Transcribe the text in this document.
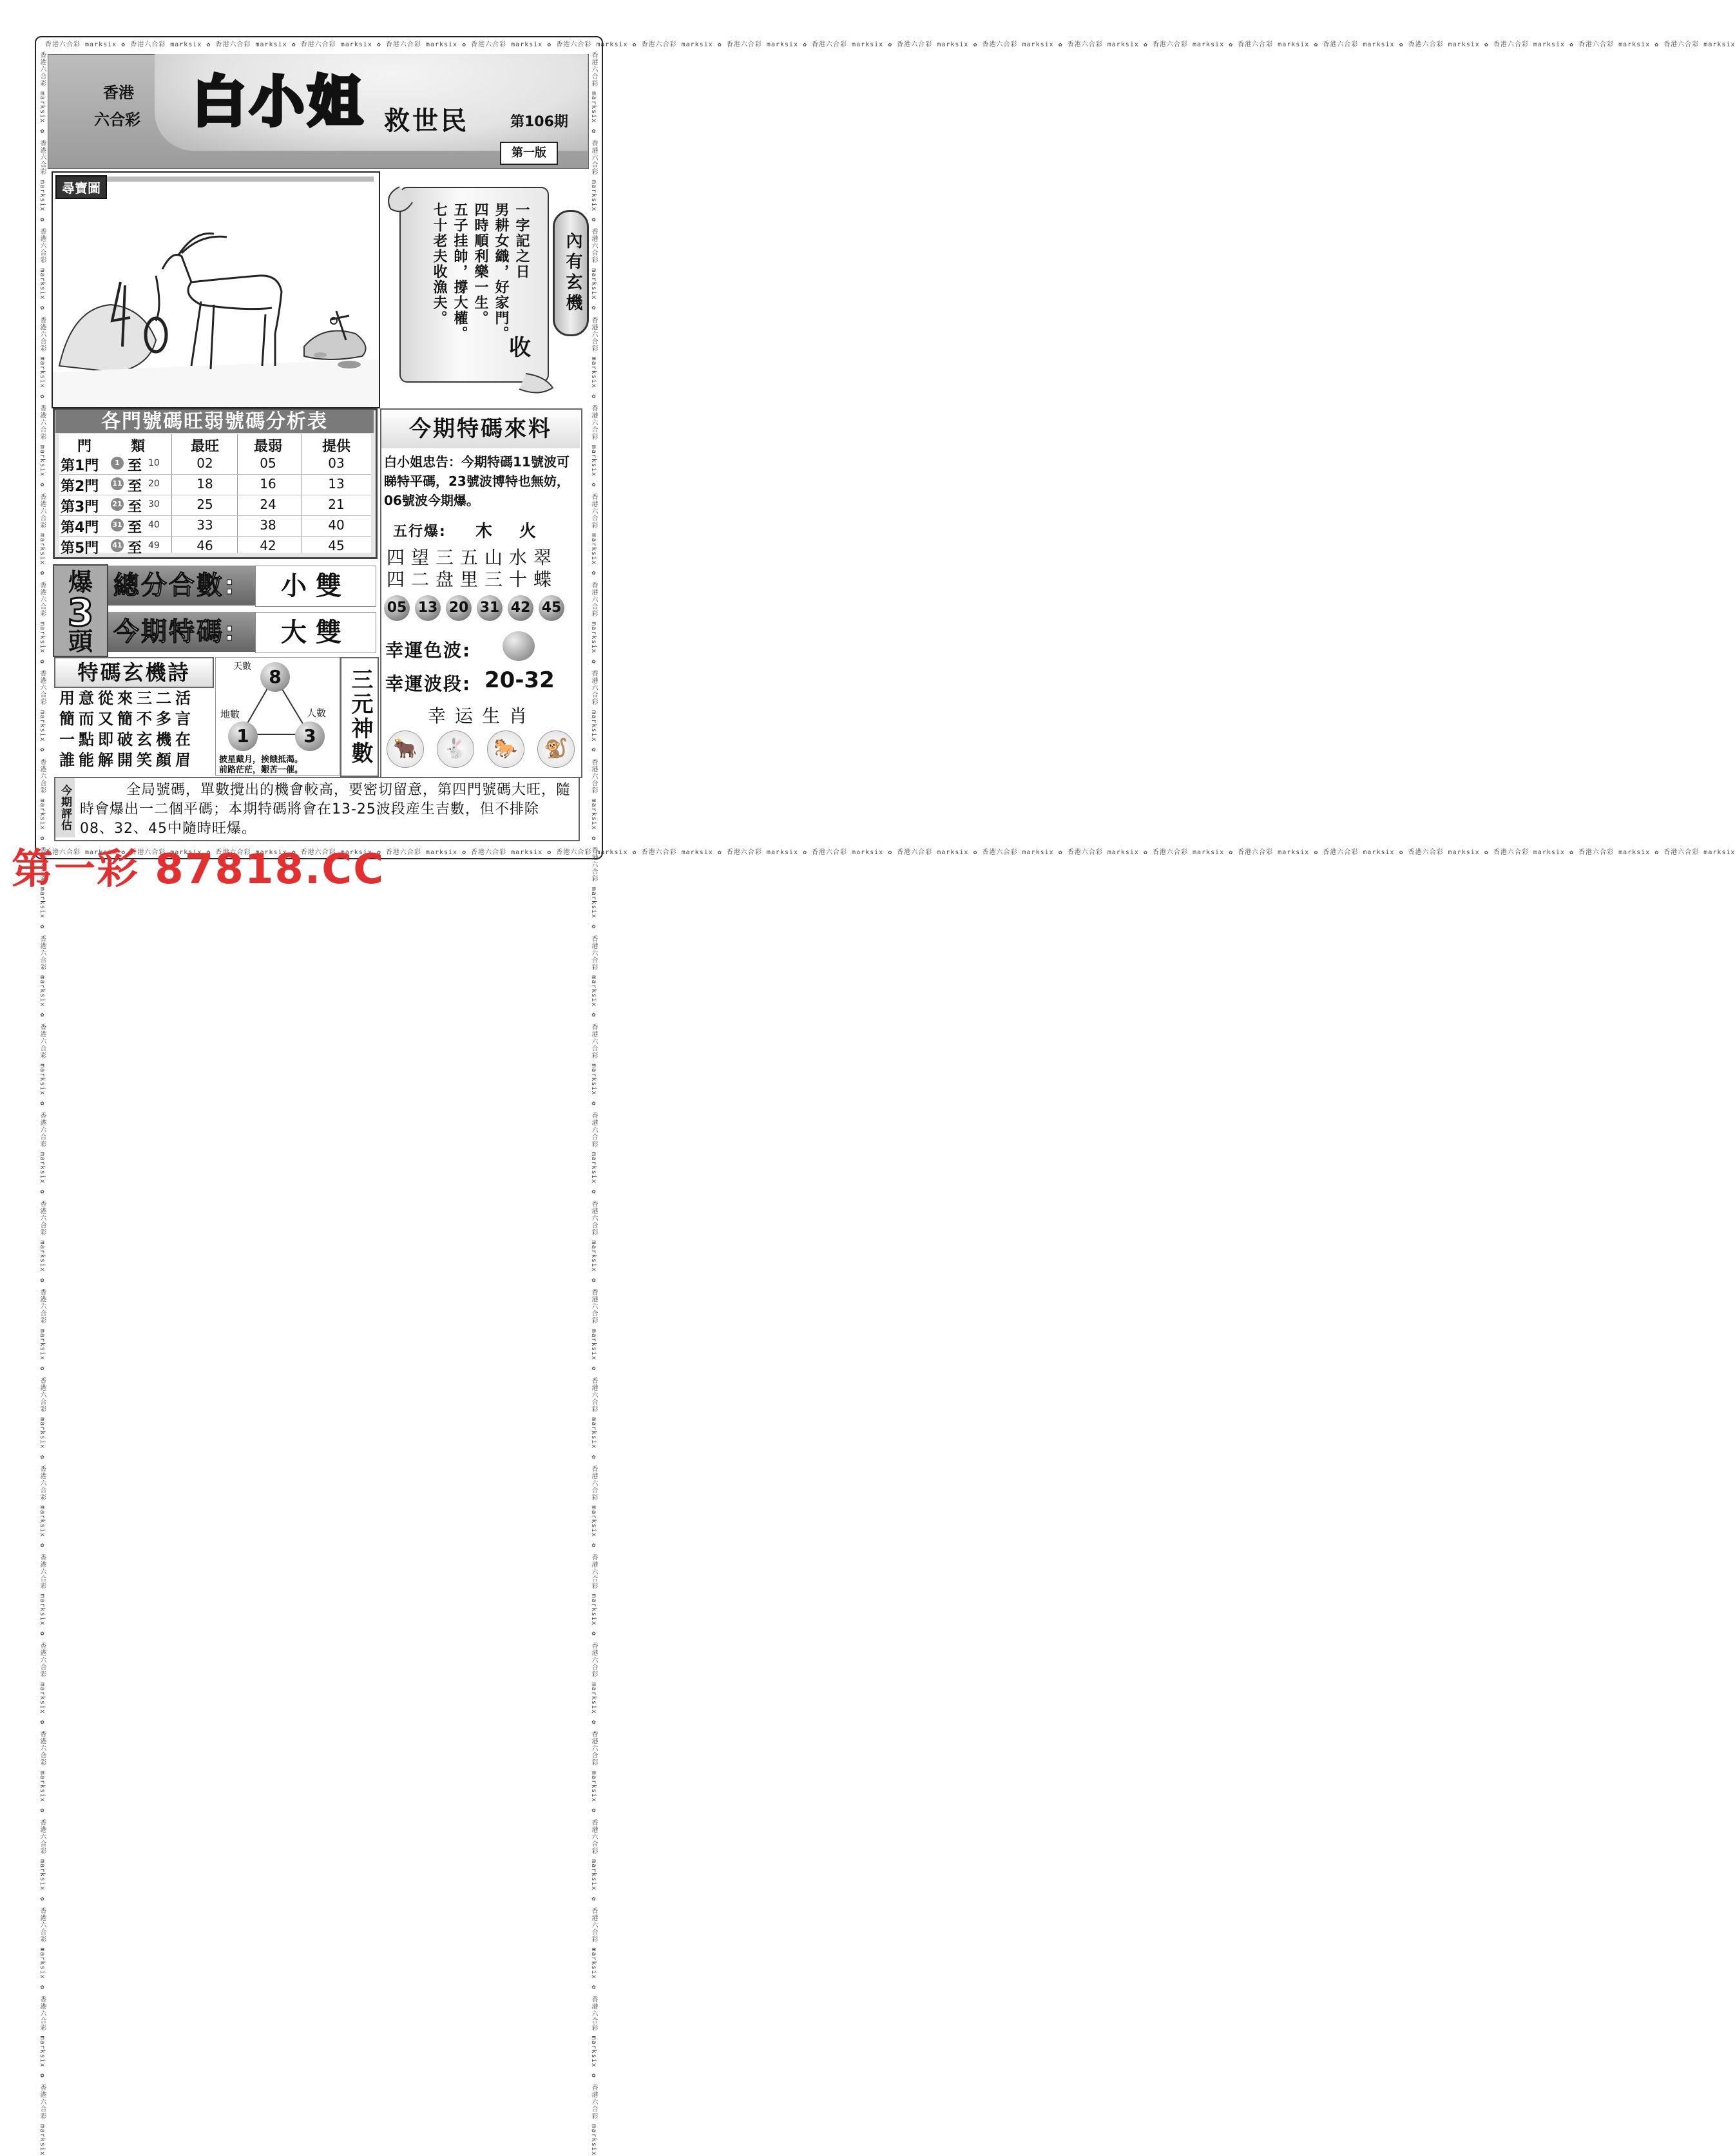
香港六合彩 marksix ✿ 香港六合彩 marksix ✿ 香港六合彩 marksix ✿ 香港六合彩 marksix ✿ 香港六合彩 marksix ✿ 香港六合彩 marksix ✿ 香港六合彩 marksix ✿ 香港六合彩 marksix ✿ 香港六合彩 marksix ✿ 香港六合彩 marksix ✿ 香港六合彩 marksix ✿ 香港六合彩 marksix ✿ 香港六合彩 marksix ✿ 香港六合彩 marksix ✿ 香港六合彩 marksix ✿ 香港六合彩 marksix ✿ 香港六合彩 marksix ✿ 香港六合彩 marksix ✿ 香港六合彩 marksix ✿ 香港六合彩 marksix
香港六合彩 marksix ✿ 香港六合彩 marksix ✿ 香港六合彩 marksix ✿ 香港六合彩 marksix ✿ 香港六合彩 marksix ✿ 香港六合彩 marksix ✿ 香港六合彩 marksix ✿ 香港六合彩 marksix ✿ 香港六合彩 marksix ✿ 香港六合彩 marksix ✿ 香港六合彩 marksix ✿ 香港六合彩 marksix ✿ 香港六合彩 marksix ✿ 香港六合彩 marksix ✿ 香港六合彩 marksix ✿ 香港六合彩 marksix ✿ 香港六合彩 marksix ✿ 香港六合彩 marksix ✿ 香港六合彩 marksix ✿ 香港六合彩 marksix
香港六合彩 marksix ✿ 香港六合彩 marksix ✿ 香港六合彩 marksix ✿ 香港六合彩 marksix ✿ 香港六合彩 marksix ✿ 香港六合彩 marksix ✿ 香港六合彩 marksix ✿ 香港六合彩 marksix ✿ 香港六合彩 marksix ✿ 香港六合彩 marksix ✿ 香港六合彩 marksix ✿ 香港六合彩 marksix ✿ 香港六合彩 marksix ✿ 香港六合彩 marksix ✿ 香港六合彩 marksix ✿ 香港六合彩 marksix ✿ 香港六合彩 marksix ✿ 香港六合彩 marksix ✿ 香港六合彩 marksix ✿ 香港六合彩 marksix ✿ 香港六合彩 marksix ✿ 香港六合彩 marksix ✿ 香港六合彩 marksix ✿ 香港六合彩 marksix	香港六合彩 marksix ✿ 香港六合彩 marksix ✿ 香港六合彩 marksix ✿ 香港六合彩 marksix ✿ 香港六合彩 marksix ✿ 香港六合彩 marksix ✿ 香港六合彩 marksix ✿ 香港六合彩 marksix ✿ 香港六合彩 marksix ✿ 香港六合彩 marksix ✿ 香港六合彩 marksix ✿ 香港六合彩 marksix ✿ 香港六合彩 marksix ✿ 香港六合彩 marksix ✿ 香港六合彩 marksix ✿ 香港六合彩 marksix ✿ 香港六合彩 marksix ✿ 香港六合彩 marksix ✿ 香港六合彩 marksix ✿ 香港六合彩 marksix ✿ 香港六合彩 marksix ✿ 香港六合彩 marksix ✿ 香港六合彩 marksix ✿ 香港六合彩 marksix
香港
六合彩 白小姐 救世民	第106期
第一版
尋寶圖
一字記之日
男耕女織，好家門。
四時順利樂一生。
五子挂帥，撐大權。
七十老夫收漁夫。
收
內有玄機
各門號碼旺弱號碼分析表
門	類	最旺	最弱	提供
第1門	1 至 10	02	05	03
第2門 11 至 20	18	16	13
第3門 21 至 30	25	24	21
第4門 31 至 40	33	38	40
第5門 41 至 49	46	42	45
今期特碼來料
白小姐忠告：今期特碼11號波可睇特平碼，23號波博特也無妨，06號波今期爆。
五行爆: 木 火
四望三五山水翠
四二盘里三十蝶
05 13 20 31 42 45
幸運色波:
幸運波段: 20-32
幸运生肖
🐂	🐇	🐎	🐒
爆
3
頭
總分合數:	小雙
今期特碼:	大雙
特碼玄機詩
用意從來三二活
簡而又簡不多言
一點即破玄機在
誰能解開笑顏眉
天數 8
地數
1
人數
3
披星戴月，挨餓抵渴。
前路茫茫，艱苦一催。
三元神數
今期評估	全局號碼，單數攪出的機會較高，要密切留意，第四門號碼大旺，隨時會爆出一二個平碼；本期特碼將會在13-25波段産生吉數，但不排除08、32、45中隨時旺爆。
第一彩 87818.CC
